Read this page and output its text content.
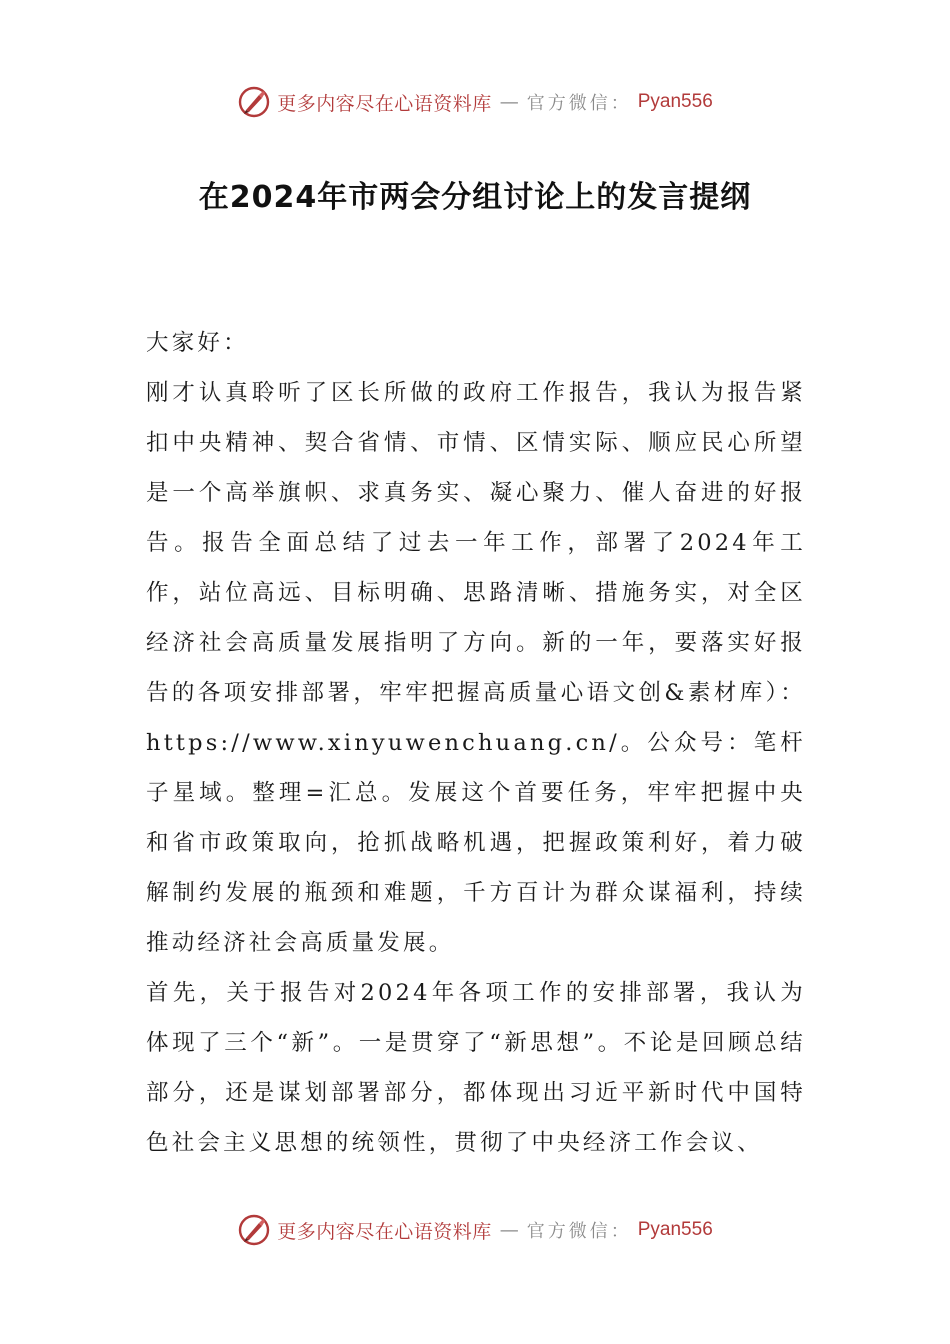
更多内容尽在心语资料库 — 官方微信： Pyan556
在2024年市两会分组讨论上的发言提纲

大家好：

刚才认真聆听了区长所做的政府工作报告，我认为报告紧扣中央精神、契合省情、市情、区情实际、顺应民心所望是一个高举旗帜、求真务实、凝心聚力、催人奋进的好报告。报告全面总结了过去一年工作，部署了2024年工作，站位高远、目标明确、思路清晰、措施务实，对全区经济社会高质量发展指明了方向。新的一年，要落实好报告的各项安排部署，牢牢把握高质量心语文创&素材库）：https://www.xinyuwenchuang.cn/。公众号：笔杆子星域。整理=汇总。发展这个首要任务，牢牢把握中央和省市政策取向，抢抓战略机遇，把握政策利好，着力破解制约发展的瓶颈和难题，千方百计为群众谋福利，持续推动经济社会高质量发展。

首先，关于报告对2024年各项工作的安排部署，我认为体现了三个“新”。一是贯穿了“新思想”。不论是回顾总结部分，还是谋划部署部分，都体现出习近平新时代中国特色社会主义思想的统领性，贯彻了中央经济工作会议、

更多内容尽在心语资料库 — 官方微信： Pyan556
